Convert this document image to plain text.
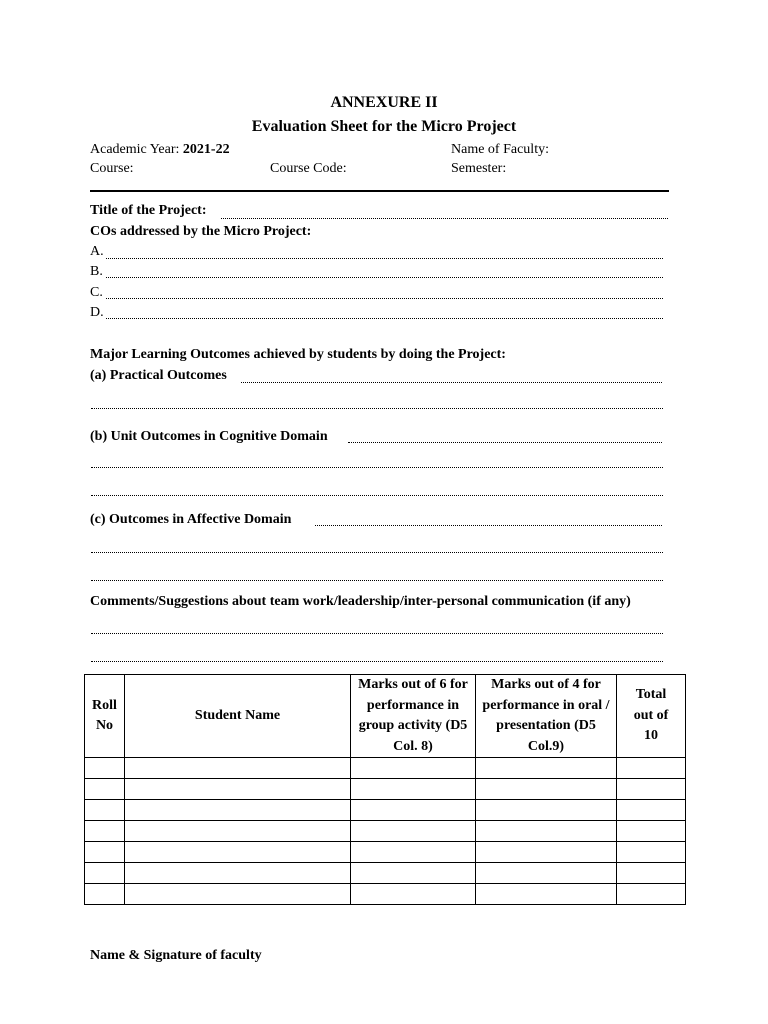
ANNEXURE II
Evaluation Sheet for the Micro Project
Academic Year: 2021-22	Name of Faculty:
Course:	Course Code:	Semester:
Title of the Project:
COs addressed by the Micro Project:
A.
B.
C.
D.
Major Learning Outcomes achieved by students by doing the Project:
(a) Practical Outcomes
(b) Unit Outcomes in Cognitive Domain
(c) Outcomes in Affective Domain
Comments/Suggestions about team work/leadership/inter-personal communication (if any)
Roll No	Student Name	Marks out of 6 for performance in group activity (D5 Col. 8)	Marks out of 4 for performance in oral / presentation (D5 Col.9)	Total out of 10

Name & Signature of faculty
